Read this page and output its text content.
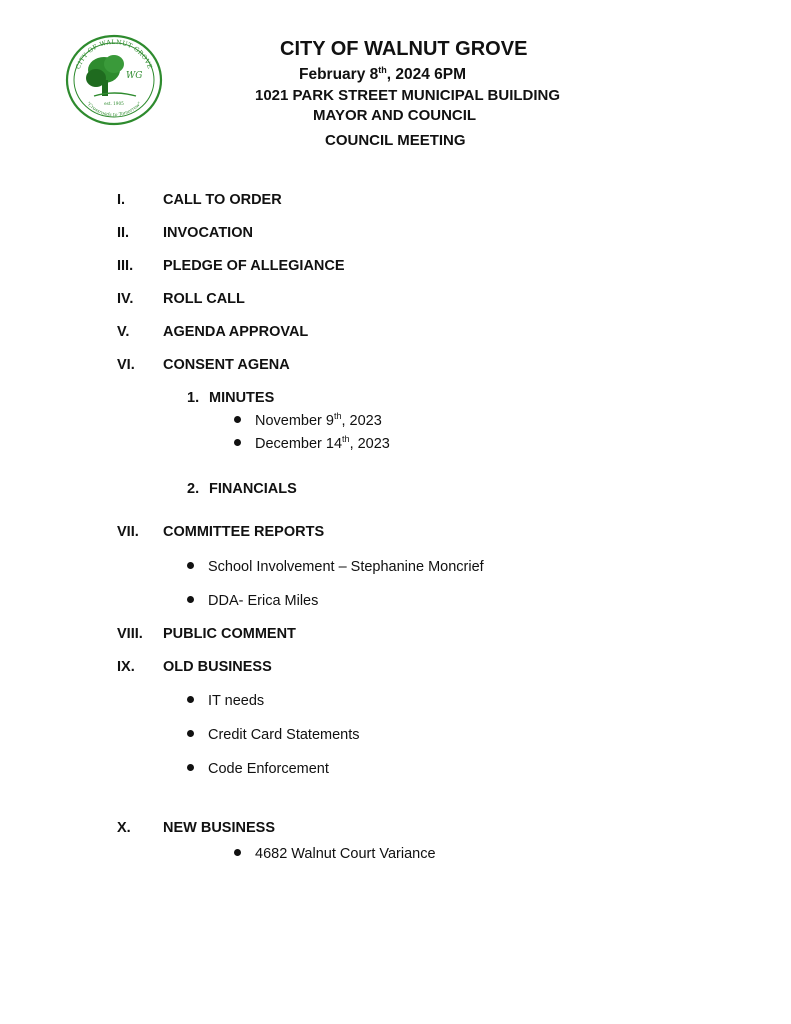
CITY OF WALNUT GROVE
WG
est. 1905
"Crossroads to Tomorrow"
CITY OF WALNUT GROVE
February 8th, 2024 6PM
1021 PARK STREET MUNICIPAL BUILDING
MAYOR AND COUNCIL
COUNCIL MEETING
I.	CALL TO ORDER
II. INVOCATION
III. PLEDGE OF ALLEGIANCE
IV. ROLL CALL
V. AGENDA APPROVAL
VI. CONSENT AGENA
1. MINUTES
November 9th, 2023
December 14th, 2023
2. FINANCIALS
VII. COMMITTEE REPORTS
School Involvement – Stephanine Moncrief
DDA- Erica Miles
VIII. PUBLIC COMMENT
IX. OLD BUSINESS
IT needs
Credit Card Statements
Code Enforcement
X. NEW BUSINESS
4682 Walnut Court Variance
